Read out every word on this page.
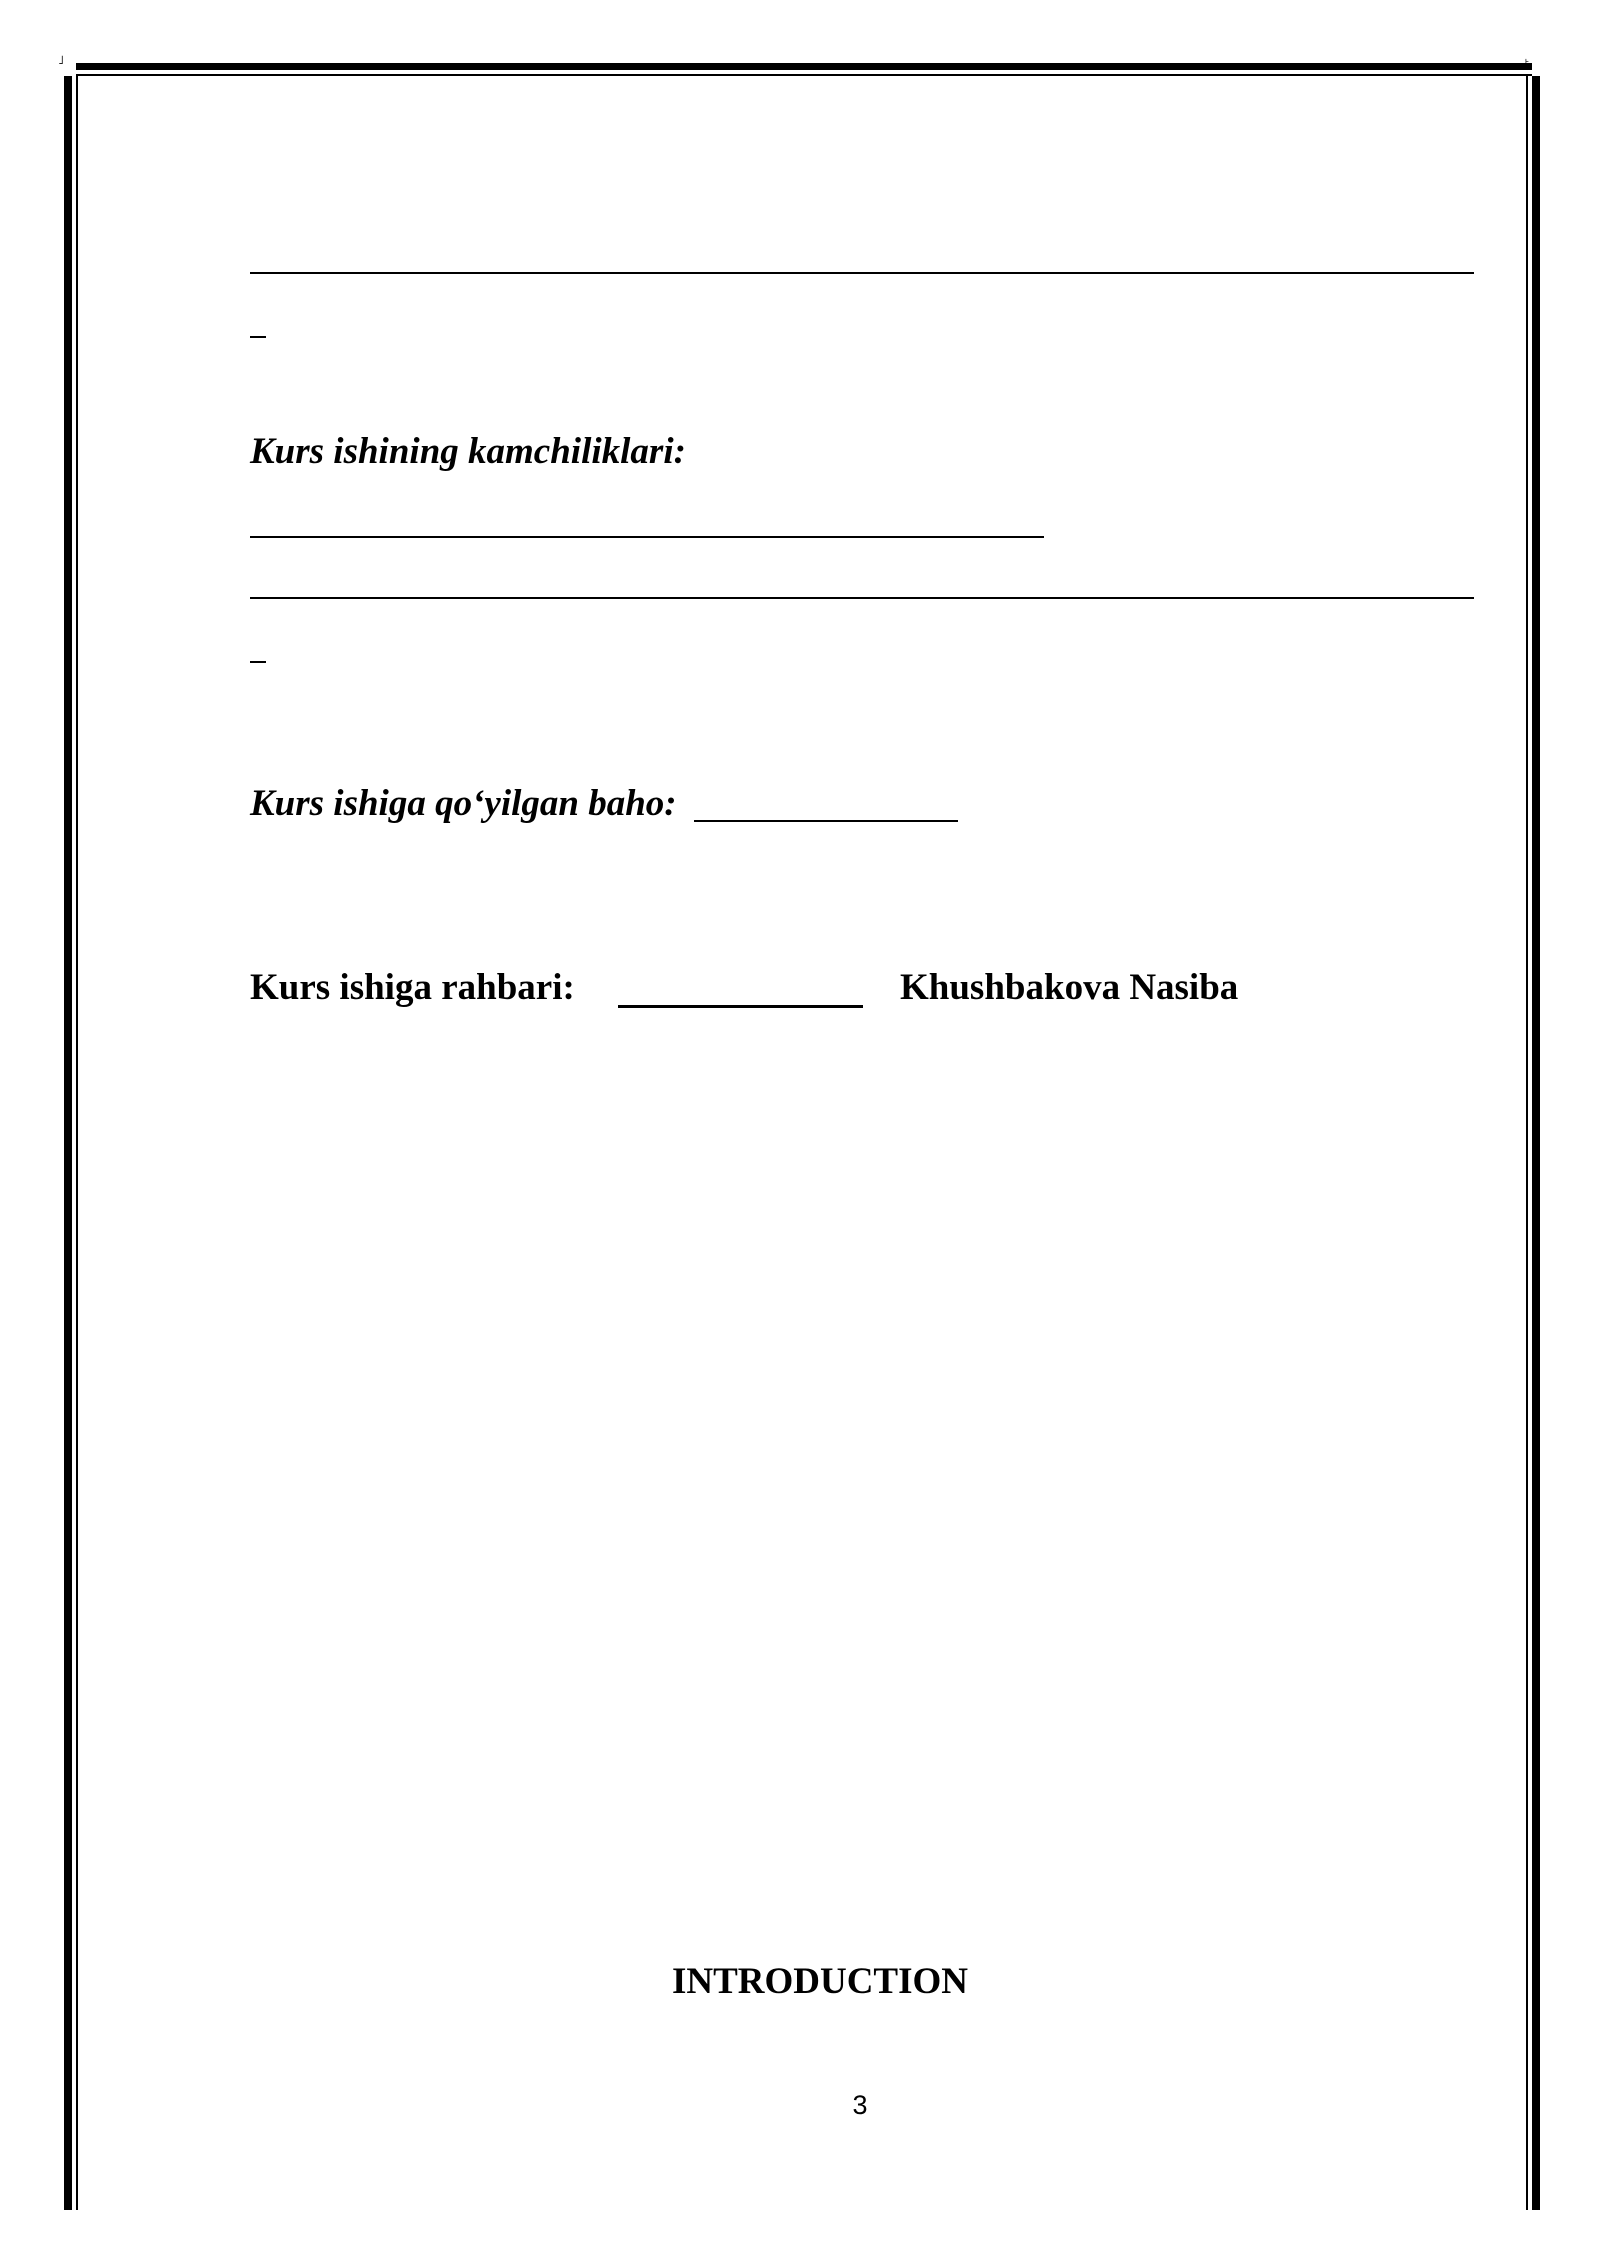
˩	˫
Kurs ishining kamchiliklari:
Kurs ishiga qo‘yilgan baho:
Kurs ishiga rahbari:	Khushbakova Nasiba
INTRODUCTION
3
